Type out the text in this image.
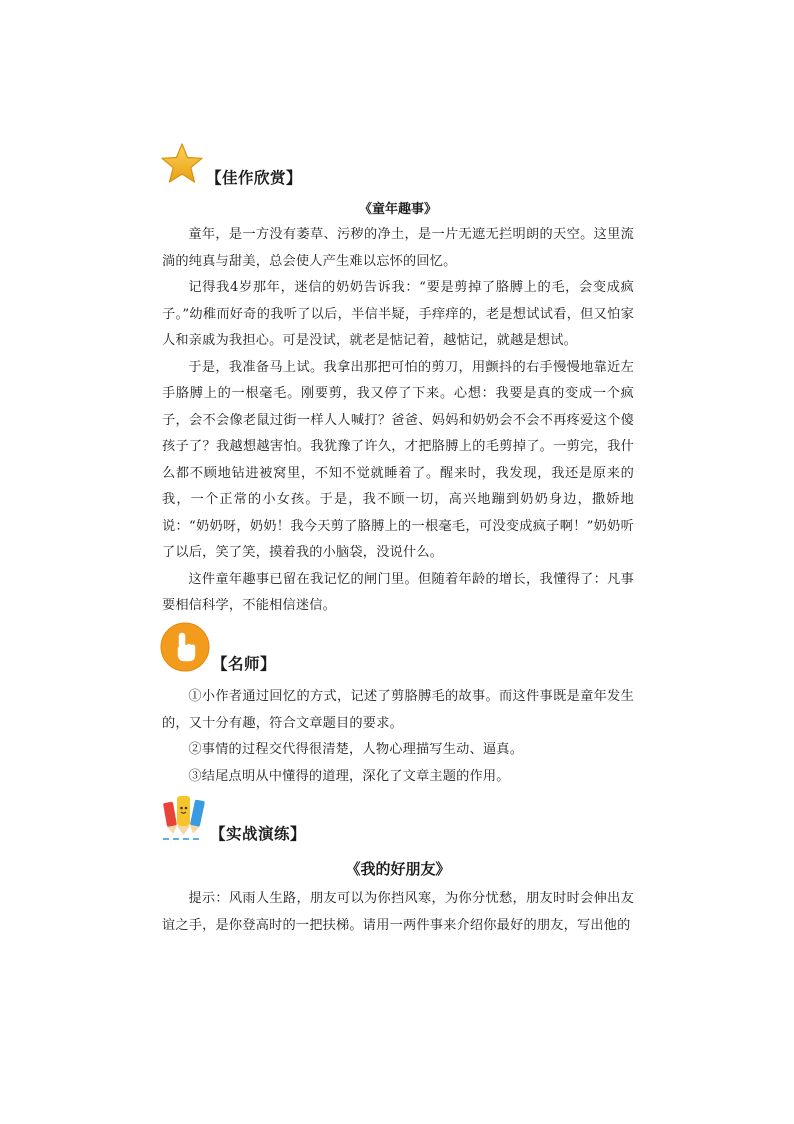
【佳作欣赏】
《童年趣事》

童年，是一方没有萎草、污秽的净土，是一片无遮无拦明朗的天空。这里流淌的纯真与甜美，总会使人产生难以忘怀的回忆。

记得我4岁那年，迷信的奶奶告诉我：“要是剪掉了胳膊上的毛，会变成疯子。”幼稚而好奇的我听了以后，半信半疑，手痒痒的，老是想试试看，但又怕家人和亲戚为我担心。可是没试，就老是惦记着，越惦记，就越是想试。

于是，我准备马上试。我拿出那把可怕的剪刀，用颤抖的右手慢慢地靠近左手胳膊上的一根毫毛。刚要剪，我又停了下来。心想：我要是真的变成一个疯子，会不会像老鼠过街一样人人喊打？爸爸、妈妈和奶奶会不会不再疼爱这个傻孩子了？我越想越害怕。我犹豫了许久，才把胳膊上的毛剪掉了。一剪完，我什么都不顾地钻进被窝里，不知不觉就睡着了。醒来时，我发现，我还是原来的我，一个正常的小女孩。于是，我不顾一切，高兴地蹦到奶奶身边，撒娇地说：“奶奶呀，奶奶！我今天剪了胳膊上的一根毫毛，可没变成疯子啊！”奶奶听了以后，笑了笑，摸着我的小脑袋，没说什么。

这件童年趣事已留在我记忆的闸门里。但随着年龄的增长，我懂得了：凡事要相信科学，不能相信迷信。

【名师】

①小作者通过回忆的方式，记述了剪胳膊毛的故事。而这件事既是童年发生的，又十分有趣，符合文章题目的要求。

②事情的过程交代得很清楚，人物心理描写生动、逼真。

③结尾点明从中懂得的道理，深化了文章主题的作用。

【实战演练】
《我的好朋友》

提示：风雨人生路，朋友可以为你挡风寒，为你分忧愁，朋友时时会伸出友谊之手，是你登高时的一把扶梯。请用一两件事来介绍你最好的朋友，写出他的
